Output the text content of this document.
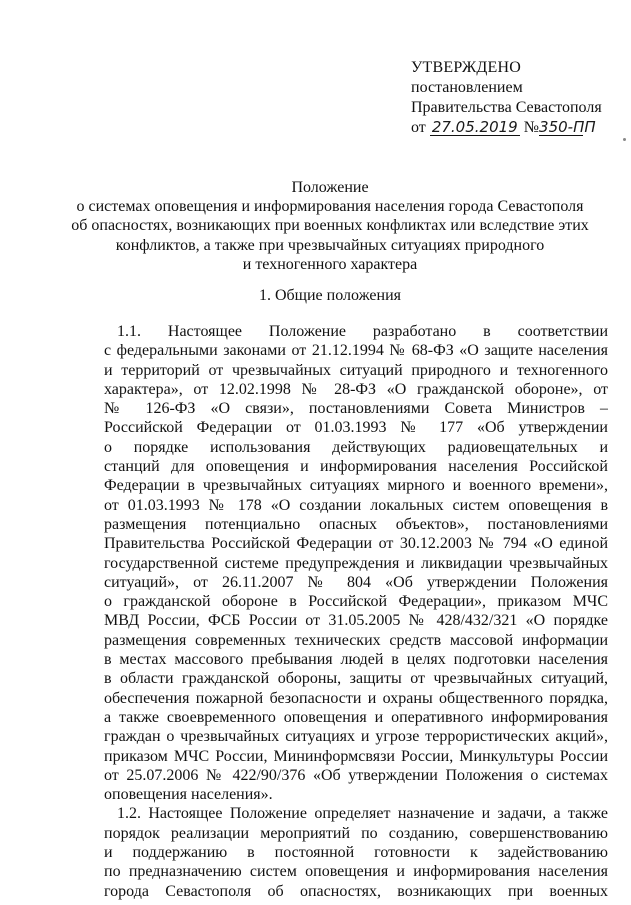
УТВЕРЖДЕНО
постановлением
Правительства Севастополя
от 27.05.2019 №350-ПП
Положение
о системах оповещения и информирования населения города Севастополя
об опасностях, возникающих при военных конфликтах или вследствие этих
конфликтов, а также при чрезвычайных ситуациях природного
и техногенного характера
1. Общие положения
1.1. Настоящее Положение разработано в соответствии
с федеральными законами от 21.12.1994 № 68-ФЗ «О защите населения
и территорий от чрезвычайных ситуаций природного и техногенного
характера», от 12.02.1998 № 28-ФЗ «О гражданской обороне», от
№ 126-ФЗ «О связи», постановлениями Совета Министров –
Российской Федерации от 01.03.1993 № 177 «Об утверждении
о порядке использования действующих радиовещательных и
станций для оповещения и информирования населения Российской
Федерации в чрезвычайных ситуациях мирного и военного времени»,
от 01.03.1993 № 178 «О создании локальных систем оповещения в
размещения потенциально опасных объектов», постановлениями
Правительства Российской Федерации от 30.12.2003 № 794 «О единой
государственной системе предупреждения и ликвидации чрезвычайных
ситуаций», от 26.11.2007 № 804 «Об утверждении Положения
о гражданской обороне в Российской Федерации», приказом МЧС
МВД России, ФСБ России от 31.05.2005 № 428/432/321 «О порядке
размещения современных технических средств массовой информации
в местах массового пребывания людей в целях подготовки населения
в области гражданской обороны, защиты от чрезвычайных ситуаций,
обеспечения пожарной безопасности и охраны общественного порядка,
а также своевременного оповещения и оперативного информирования
граждан о чрезвычайных ситуациях и угрозе террористических акций»,
приказом МЧС России, Мининформсвязи России, Минкультуры России
от 25.07.2006 № 422/90/376 «Об утверждении Положения о системах
оповещения населения».
1.2. Настоящее Положение определяет назначение и задачи, а также
порядок реализации мероприятий по созданию, совершенствованию
и поддержанию в постоянной готовности к задействованию
по предназначению систем оповещения и информирования населения
города Севастополя об опасностях, возникающих при военных
